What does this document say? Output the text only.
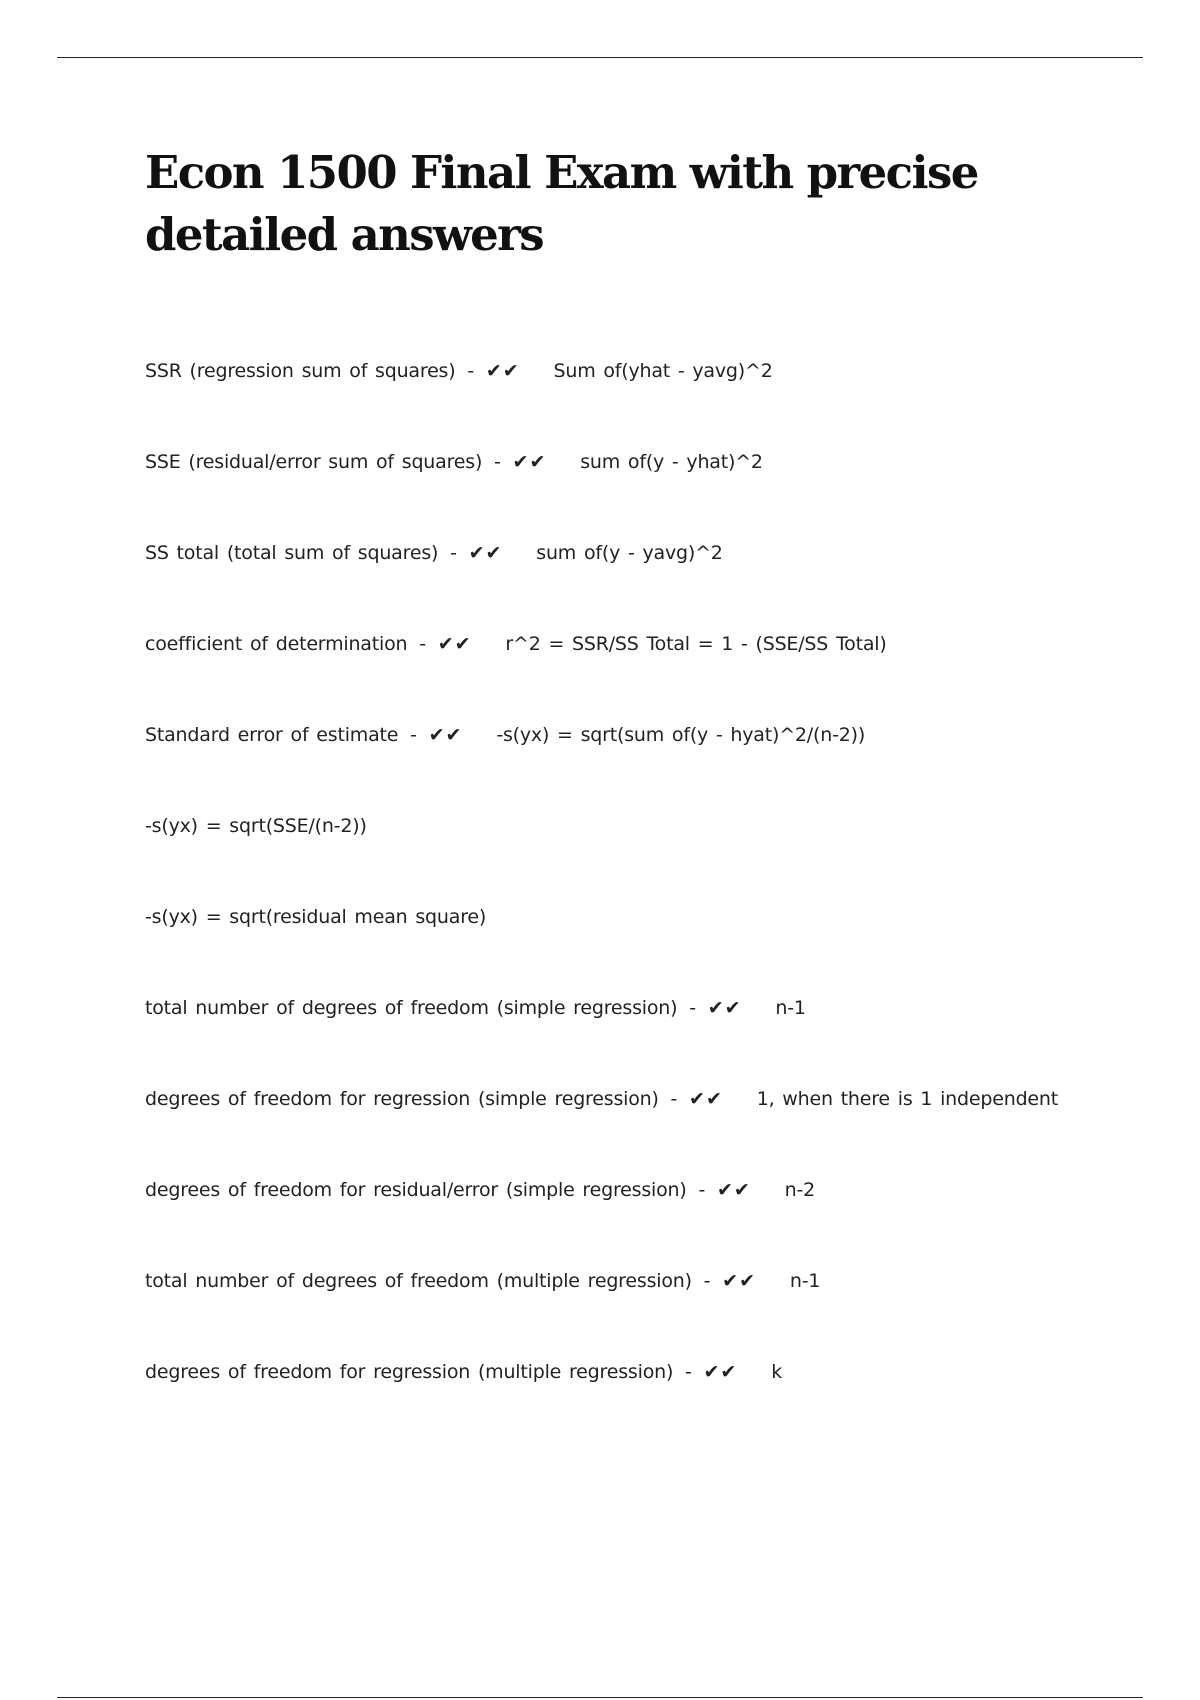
Econ 1500 Final Exam with precise detailed answers
SSR (regression sum of squares) - ✔✔ Sum of(yhat - yavg)^2
SSE (residual/error sum of squares) - ✔✔ sum of(y - yhat)^2
SS total (total sum of squares) - ✔✔ sum of(y - yavg)^2
coefficient of determination - ✔✔ r^2 = SSR/SS Total = 1 - (SSE/SS Total)
Standard error of estimate - ✔✔ -s(yx) = sqrt(sum of(y - hyat)^2/(n-2))
-s(yx) = sqrt(SSE/(n-2))
-s(yx) = sqrt(residual mean square)
total number of degrees of freedom (simple regression) - ✔✔ n-1
degrees of freedom for regression (simple regression) - ✔✔ 1, when there is 1 independent
degrees of freedom for residual/error (simple regression) - ✔✔ n-2
total number of degrees of freedom (multiple regression) - ✔✔ n-1
degrees of freedom for regression (multiple regression) - ✔✔ k
